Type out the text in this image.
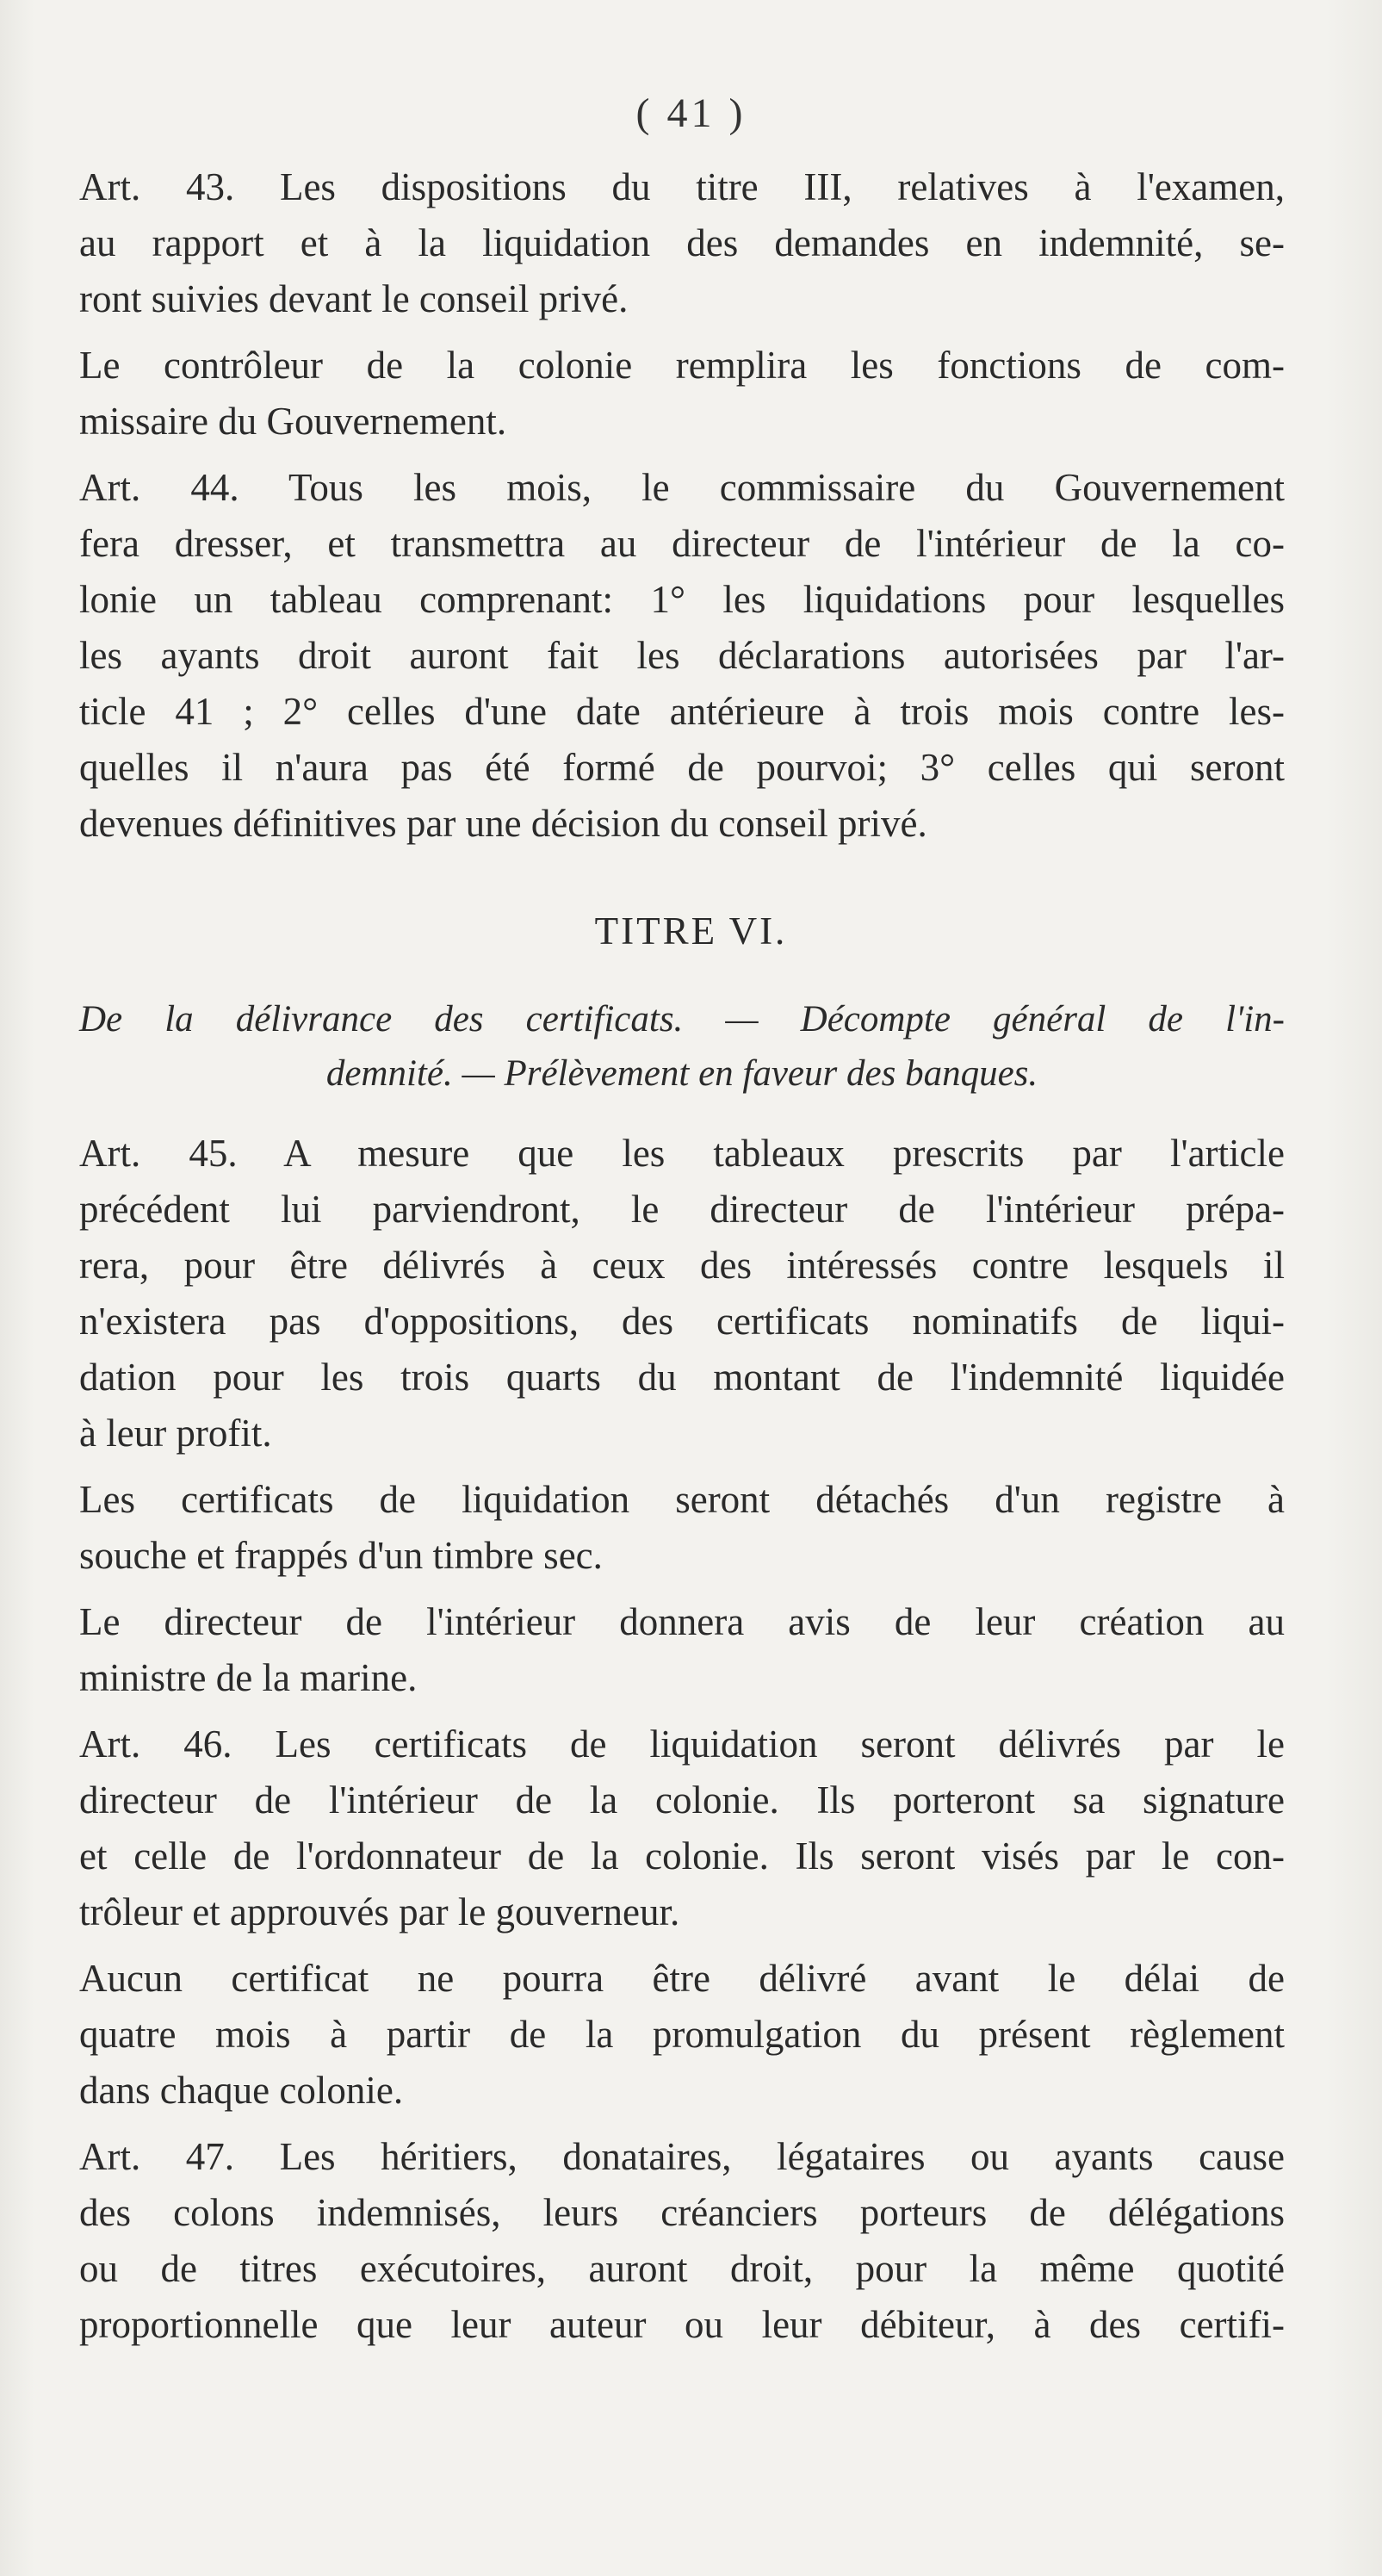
( 41 )
Art. 43. Les dispositions du titre III, relatives à l'examen,
au rapport et à la liquidation des demandes en indemnité, se-
ront suivies devant le conseil privé.
Le contrôleur de la colonie remplira les fonctions de com-
missaire du Gouvernement.
Art. 44. Tous les mois, le commissaire du Gouvernement
fera dresser, et transmettra au directeur de l'intérieur de la co-
lonie un tableau comprenant: 1° les liquidations pour lesquelles
les ayants droit auront fait les déclarations autorisées par l'ar-
ticle 41 ; 2° celles d'une date antérieure à trois mois contre les-
quelles il n'aura pas été formé de pourvoi; 3° celles qui seront
devenues définitives par une décision du conseil privé.
TITRE VI.
De la délivrance des certificats. — Décompte général de l'in-
demnité. — Prélèvement en faveur des banques.
Art. 45. A mesure que les tableaux prescrits par l'article
précédent lui parviendront, le directeur de l'intérieur prépa-
rera, pour être délivrés à ceux des intéressés contre lesquels il
n'existera pas d'oppositions, des certificats nominatifs de liqui-
dation pour les trois quarts du montant de l'indemnité liquidée
à leur profit.
Les certificats de liquidation seront détachés d'un registre à
souche et frappés d'un timbre sec.
Le directeur de l'intérieur donnera avis de leur création au
ministre de la marine.
Art. 46. Les certificats de liquidation seront délivrés par le
directeur de l'intérieur de la colonie. Ils porteront sa signature
et celle de l'ordonnateur de la colonie. Ils seront visés par le con-
trôleur et approuvés par le gouverneur.
Aucun certificat ne pourra être délivré avant le délai de
quatre mois à partir de la promulgation du présent règlement
dans chaque colonie.
Art. 47. Les héritiers, donataires, légataires ou ayants cause
des colons indemnisés, leurs créanciers porteurs de délégations
ou de titres exécutoires, auront droit, pour la même quotité
proportionnelle que leur auteur ou leur débiteur, à des certifi-
